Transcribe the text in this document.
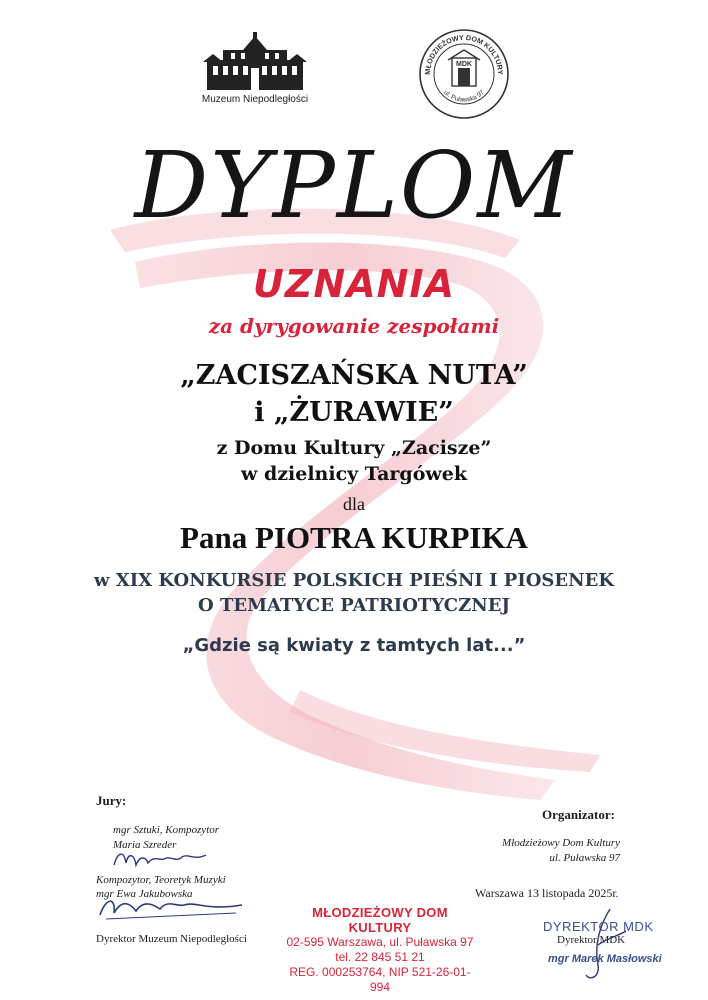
Muzeum Niepodległości
MŁODZIEŻOWY DOM KULTURY
ul. Puławska 97
MDK
DYPLOM
UZNANIA
za dyrygowanie zespołami
„ZACISZAŃSKA NUTA”
i „ŻURAWIE”
z Domu Kultury „Zacisze”
w dzielnicy Targówek
dla
Pana PIOTRA KURPIKA
w XIX KONKURSIE POLSKICH PIEŚNI I PIOSENEK
O TEMATYCE PATRIOTYCZNEJ
„Gdzie są kwiaty z tamtych lat...”
Jury:
mgr Sztuki, Kompozytor
Maria Szreder
Kompozytor, Teoretyk Muzyki
mgr Ewa Jakubowska
Dyrektor Muzeum Niepodległości
Organizator:
Młodzieżowy Dom Kultury
ul. Puławska 97
Warszawa 13 listopada 2025r.
MŁODZIEŻOWY DOM KULTURY
02-595 Warszawa, ul. Puławska 97
tel. 22 845 51 21
REG. 000253764, NIP 521-26-01-994
DYREKTOR MDK
Dyrektor MDK
mgr Marek Masłowski
